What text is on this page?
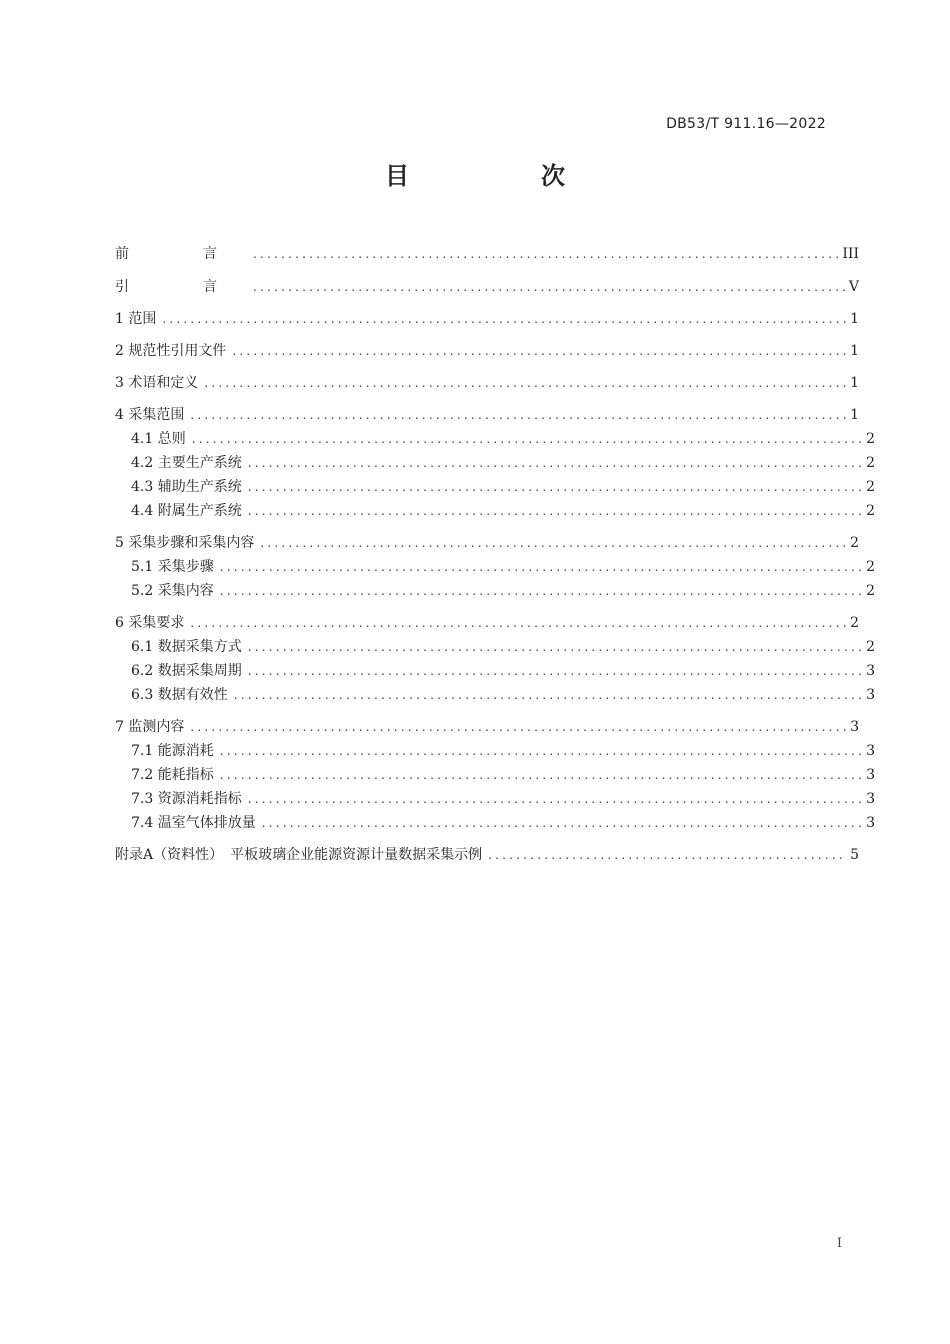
DB53/T 911.16—2022
目　次
前　言 .....	III
引　言 .....	V
1 范围 .....	1
2 规范性引用文件 .....	1
3 术语和定义 .....	1
4 采集范围 .....	1
4.1 总则 .....	2
4.2 主要生产系统 .....	2
4.3 辅助生产系统 .....	2
4.4 附属生产系统 .....	2
5 采集步骤和采集内容 .....	2
5.1 采集步骤 .....	2
5.2 采集内容 .....	2
6 采集要求 .....	2
6.1 数据采集方式 .....	2
6.2 数据采集周期 .....	3
6.3 数据有效性 .....	3
7 监测内容 .....	3
7.1 能源消耗 .....	3
7.2 能耗指标 .....	3
7.3 资源消耗指标 .....	3
7.4 温室气体排放量 .....	3
附录A（资料性）　平板玻璃企业能源资源计量数据采集示例 .....	5
I
